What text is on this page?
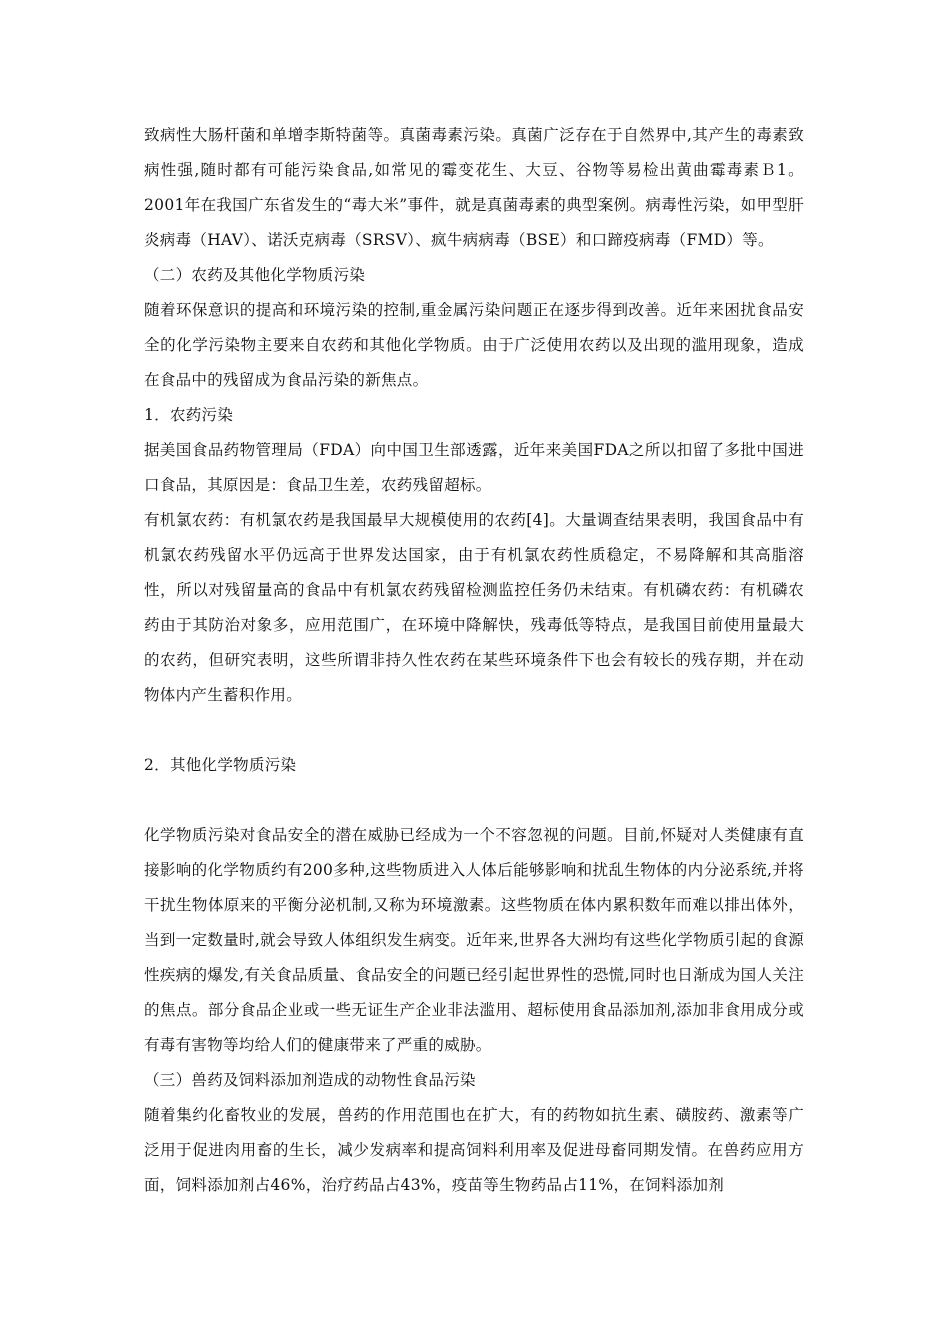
致病性大肠杆菌和单增李斯特菌等。真菌毒素污染。真菌广泛存在于自然界中,其产生的毒素致病性强,随时都有可能污染食品,如常见的霉变花生、大豆、谷物等易检出黄曲霉毒素Ｂ1。2001年在我国广东省发生的“毒大米”事件，就是真菌毒素的典型案例。病毒性污染，如甲型肝炎病毒（HAV）、诺沃克病毒（SRSV）、疯牛病病毒（BSE）和口蹄疫病毒（FMD）等。

（二）农药及其他化学物质污染

随着环保意识的提高和环境污染的控制,重金属污染问题正在逐步得到改善。近年来困扰食品安全的化学污染物主要来自农药和其他化学物质。由于广泛使用农药以及出现的滥用现象，造成在食品中的残留成为食品污染的新焦点。

1．农药污染

据美国食品药物管理局（FDA）向中国卫生部透露，近年来美国FDA之所以扣留了多批中国进口食品，其原因是：食品卫生差，农药残留超标。

有机氯农药：有机氯农药是我国最早大规模使用的农药[4]。大量调查结果表明，我国食品中有机氯农药残留水平仍远高于世界发达国家，由于有机氯农药性质稳定，不易降解和其高脂溶性，所以对残留量高的食品中有机氯农药残留检测监控任务仍未结束。有机磷农药：有机磷农药由于其防治对象多，应用范围广，在环境中降解快，残毒低等特点，是我国目前使用量最大的农药，但研究表明，这些所谓非持久性农药在某些环境条件下也会有较长的残存期，并在动物体内产生蓄积作用。

2．其他化学物质污染

化学物质污染对食品安全的潜在威胁已经成为一个不容忽视的问题。目前,怀疑对人类健康有直接影响的化学物质约有200多种,这些物质进入人体后能够影响和扰乱生物体的内分泌系统,并将干扰生物体原来的平衡分泌机制,又称为环境激素。这些物质在体内累积数年而难以排出体外，当到一定数量时,就会导致人体组织发生病变。近年来,世界各大洲均有这些化学物质引起的食源性疾病的爆发,有关食品质量、食品安全的问题已经引起世界性的恐慌,同时也日渐成为国人关注的焦点。部分食品企业或一些无证生产企业非法滥用、超标使用食品添加剂,添加非食用成分或有毒有害物等均给人们的健康带来了严重的威胁。

（三）兽药及饲料添加剂造成的动物性食品污染

随着集约化畜牧业的发展，兽药的作用范围也在扩大，有的药物如抗生素、磺胺药、激素等广泛用于促进肉用畜的生长，减少发病率和提高饲料利用率及促进母畜同期发情。在兽药应用方面，饲料添加剂占46%，治疗药品占43%，疫苗等生物药品占11%，在饲料添加剂
